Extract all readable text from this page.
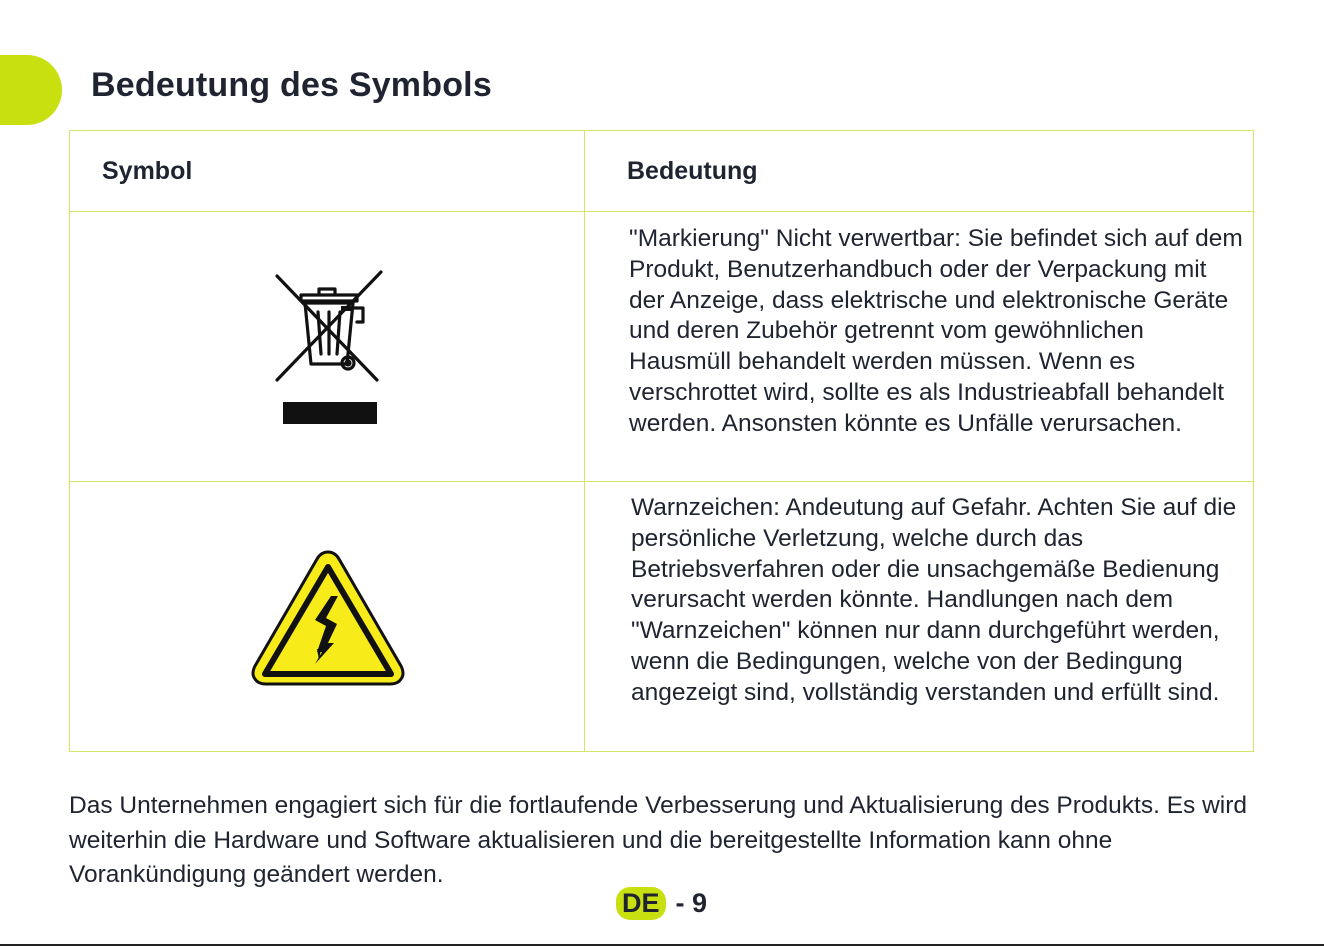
Bedeutung des Symbols
Symbol	Bedeutung

	"Markierung" Nicht verwertbar: Sie befindet sich auf dem Produkt, Benutzerhandbuch oder der Verpackung mit der Anzeige, dass elektrische und elektronische Geräte und deren Zubehör getrennt vom gewöhnlichen Hausmüll behandelt werden müssen. Wenn es verschrottet wird, sollte es als Industrieabfall behandelt werden. Ansonsten könnte es Unfälle verursachen.

	Warnzeichen: Andeutung auf Gefahr. Achten Sie auf die persönliche Verletzung, welche durch das Betriebsverfahren oder die unsachgemäße Bedienung verursacht werden könnte. Handlungen nach dem "Warnzeichen" können nur dann durchgeführt werden, wenn die Bedingungen, welche von der Bedingung angezeigt sind, vollständig verstanden und erfüllt sind.

Das Unternehmen engagiert sich für die fortlaufende Verbesserung und Aktualisierung des Produkts. Es wird weiterhin die Hardware und Software aktualisieren und die bereitgestellte Information kann ohne Vorankündigung geändert werden.

DE - 9
